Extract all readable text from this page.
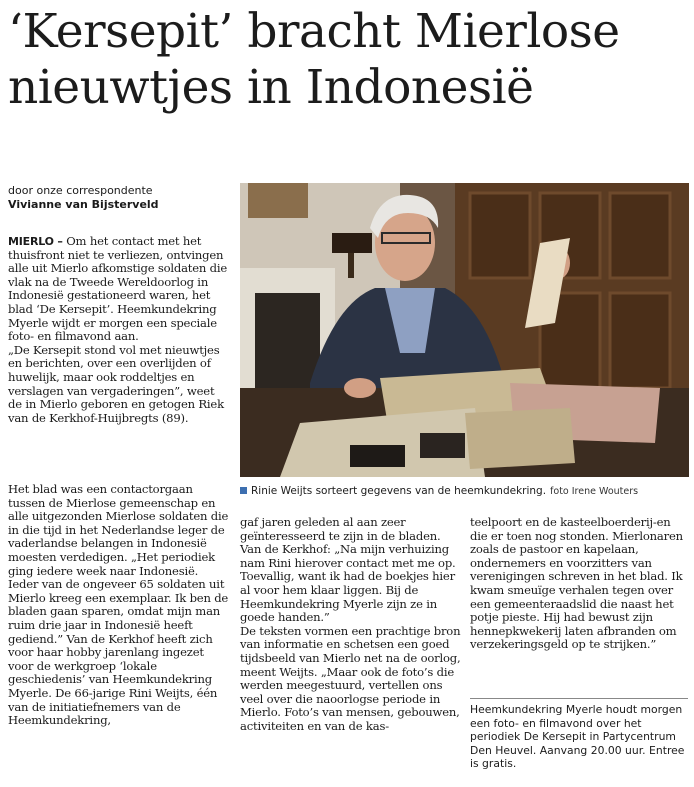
‘Kersepit’ bracht Mierlose
nieuwtjes in Indonesië
door onze correspondente
Vivianne van Bijsterveld

MIERLO – Om het contact met het thuisfront niet te verliezen, ontvingen alle uit Mierlo afkomstige soldaten die vlak na de Tweede Wereldoorlog in Indonesië gestationeerd waren, het blad ‘De Kersepit’. Heemkundekring Myerle wijdt er morgen een speciale foto- en filmavond aan.

„De Kersepit stond vol met nieuwtjes en berichten, over een overlijden of huwelijk, maar ook roddeltjes en verslagen van vergaderingen”, weet de in Mierlo geboren en getogen Riek van de Kerkhof-Huijbregts (89).

Het blad was een contactorgaan tussen de Mierlose gemeenschap en alle uitgezonden Mierlose soldaten die in die tijd in het Nederlandse leger de vaderlandse belangen in Indonesië moesten verdedigen. „Het periodiek ging iedere week naar Indonesië. Ieder van de ongeveer 65 soldaten uit Mierlo kreeg een exemplaar. Ik ben de bladen gaan sparen, omdat mijn man ruim drie jaar in Indonesië heeft gediend.” Van de Kerkhof heeft zich voor haar hobby jarenlang ingezet voor de werkgroep ‘lokale geschiedenis’ van Heemkundekring Myerle. De 66-jarige Rini Weijts, één van de initiatiefnemers van de Heemkundekring,

Rinie Weijts sorteert gegevens van de heemkundekring. foto Irene Wouters

gaf jaren geleden al aan zeer geïnteresseerd te zijn in de bladen.

Van de Kerkhof: „Na mijn verhuizing nam Rini hierover contact met me op. Toevallig, want ik had de boekjes hier al voor hem klaar liggen. Bij de Heemkundekring Myerle zijn ze in goede handen.”

De teksten vormen een prachtige bron van informatie en schetsen een goed tijdsbeeld van Mierlo net na de oorlog, meent Weijts. „Maar ook de foto’s die werden meegestuurd, vertellen ons veel over die naoorlogse periode in Mierlo. Foto’s van mensen, gebouwen, activiteiten en van de kas-

teelpoort en de kasteelboerderij-en die er toen nog stonden. Mierlonaren zoals de pastoor en kapelaan, ondernemers en voorzitters van verenigingen schreven in het blad. Ik kwam smeuïge verhalen tegen over een gemeenteraadslid die naast het potje pieste. Hij had bewust zijn hennepkwekerij laten afbranden om verzekeringsgeld op te strijken.”

Heemkundekring Myerle houdt morgen een foto- en filmavond over het periodiek De Kersepit in Partycentrum Den Heuvel. Aanvang 20.00 uur. Entree is gratis.
